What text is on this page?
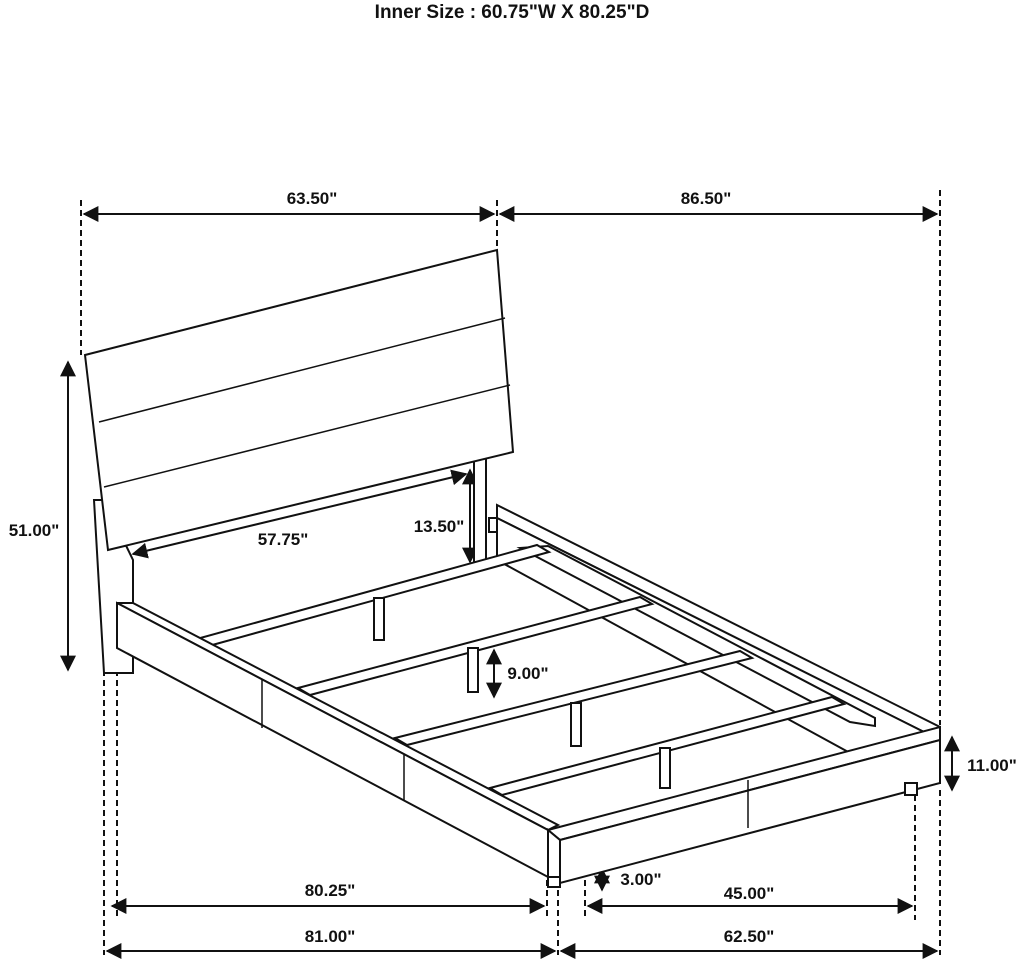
Inner Size : 60.75"W X 80.25"D
63.50"	86.50"
51.00"	57.75"
13.50"
9.00"
11.00"
3.00"
80.25"
81.00"
45.00"
62.50"
